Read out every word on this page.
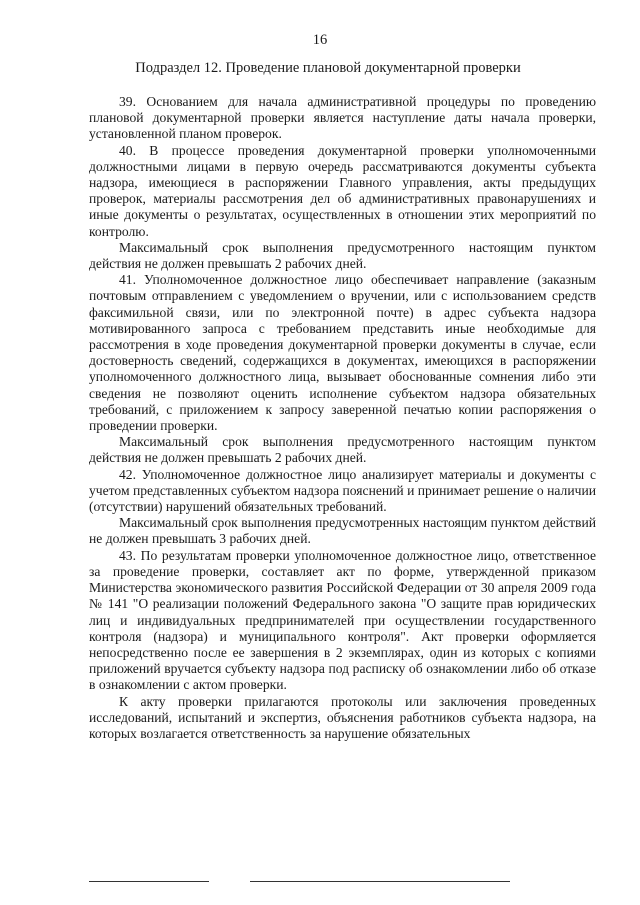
16
Подраздел 12. Проведение плановой документарной проверки

39. Основанием для начала административной процедуры по проведению плановой документарной проверки является наступление даты начала проверки, установленной планом проверок.

40. В процессе проведения документарной проверки уполномоченными должностными лицами в первую очередь рассматриваются документы субъекта надзора, имеющиеся в распоряжении Главного управления, акты предыдущих проверок, материалы рассмотрения дел об административных правонарушениях и иные документы о результатах, осуществленных в отношении этих мероприятий по контролю.

Максимальный срок выполнения предусмотренного настоящим пунктом действия не должен превышать 2 рабочих дней.

41. Уполномоченное должностное лицо обеспечивает направление (заказным почтовым отправлением с уведомлением о вручении, или с использованием средств факсимильной связи, или по электронной почте) в адрес субъекта надзора мотивированного запроса с требованием представить иные необходимые для рассмотрения в ходе проведения документарной проверки документы в случае, если достоверность сведений, содержащихся в документах, имеющихся в распоряжении уполномоченного должностного лица, вызывает обоснованные сомнения либо эти сведения не позволяют оценить исполнение субъектом надзора обязательных требований, с приложением к запросу заверенной печатью копии распоряжения о проведении проверки.

Максимальный срок выполнения предусмотренного настоящим пунктом действия не должен превышать 2 рабочих дней.

42. Уполномоченное должностное лицо анализирует материалы и документы с учетом представленных субъектом надзора пояснений и принимает решение о наличии (отсутствии) нарушений обязательных требований.

Максимальный срок выполнения предусмотренных настоящим пунктом действий не должен превышать 3 рабочих дней.

43. По результатам проверки уполномоченное должностное лицо, ответственное за проведение проверки, составляет акт по форме, утвержденной приказом Министерства экономического развития Российской Федерации от 30 апреля 2009 года № 141 "О реализации положений Федерального закона "О защите прав юридических лиц и индивидуальных предпринимателей при осуществлении государственного контроля (надзора) и муниципального контроля". Акт проверки оформляется непосредственно после ее завершения в 2 экземплярах, один из которых с копиями приложений вручается субъекту надзора под расписку об ознакомлении либо об отказе в ознакомлении с актом проверки.

К акту проверки прилагаются протоколы или заключения проведенных исследований, испытаний и экспертиз, объяснения работников субъекта надзора, на которых возлагается ответственность за нарушение обязательных
